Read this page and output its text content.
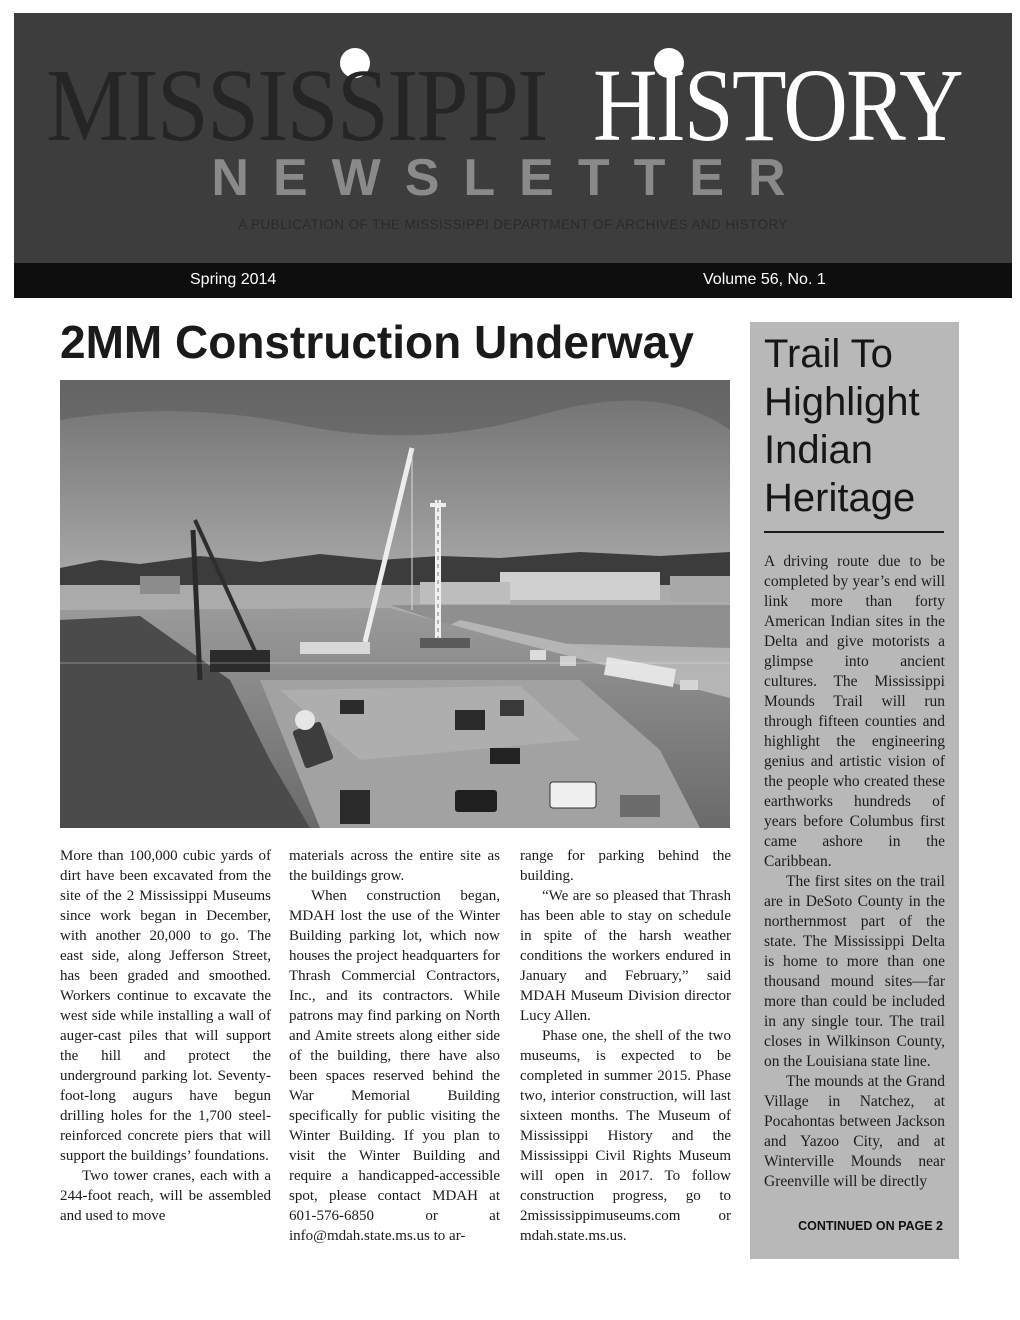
MISSISSIPPI HISTORY
NEWSLETTER
A PUBLICATION OF THE MISSISSIPPI DEPARTMENT OF ARCHIVES AND HISTORY
Spring 2014	Volume 56, No. 1
2MM Construction Underway

More than 100,000 cubic yards of dirt have been excavated from the site of the 2 Mississippi Museums since work began in December, with another 20,000 to go. The east side, along Jefferson Street, has been graded and smoothed. Workers continue to excavate the west side while installing a wall of auger-cast piles that will support the hill and protect the underground parking lot. Seventy-foot-long augurs have begun drilling holes for the 1,700 steel-reinforced concrete piers that will support the buildings’ foundations.

Two tower cranes, each with a 244-foot reach, will be assembled and used to move

materials across the entire site as the buildings grow.

When construction began, MDAH lost the use of the Winter Building parking lot, which now houses the project headquarters for Thrash Commercial Contractors, Inc., and its contractors. While patrons may find parking on North and Amite streets along either side of the building, there have also been spaces reserved behind the War Memorial Building specifically for public visiting the Winter Building. If you plan to visit the Winter Building and require a handicapped-accessible spot, please contact MDAH at 601-576-6850 or at info@mdah.state.ms.us to ar-

range for parking behind the building.

“We are so pleased that Thrash has been able to stay on schedule in spite of the harsh weather conditions the workers endured in January and February,” said MDAH Museum Division director Lucy Allen.

Phase one, the shell of the two museums, is expected to be completed in summer 2015. Phase two, interior construction, will last sixteen months. The Museum of Mississippi History and the Mississippi Civil Rights Museum will open in 2017. To follow construction progress, go to 2mississippimuseums.com or mdah.state.ms.us.

Trail To Highlight Indian Heritage

A driving route due to be completed by year’s end will link more than forty American Indian sites in the Delta and give motorists a glimpse into ancient cultures. The Mississippi Mounds Trail will run through fifteen counties and highlight the engineering genius and artistic vision of the people who created these earthworks hundreds of years before Columbus first came ashore in the Caribbean.

The first sites on the trail are in DeSoto County in the northernmost part of the state. The Mississippi Delta is home to more than one thousand mound sites—far more than could be included in any single tour. The trail closes in Wilkinson County, on the Louisiana state line.

The mounds at the Grand Village in Natchez, at Pocahontas between Jackson and Yazoo City, and at Winterville Mounds near Greenville will be directly

CONTINUED ON PAGE 2
